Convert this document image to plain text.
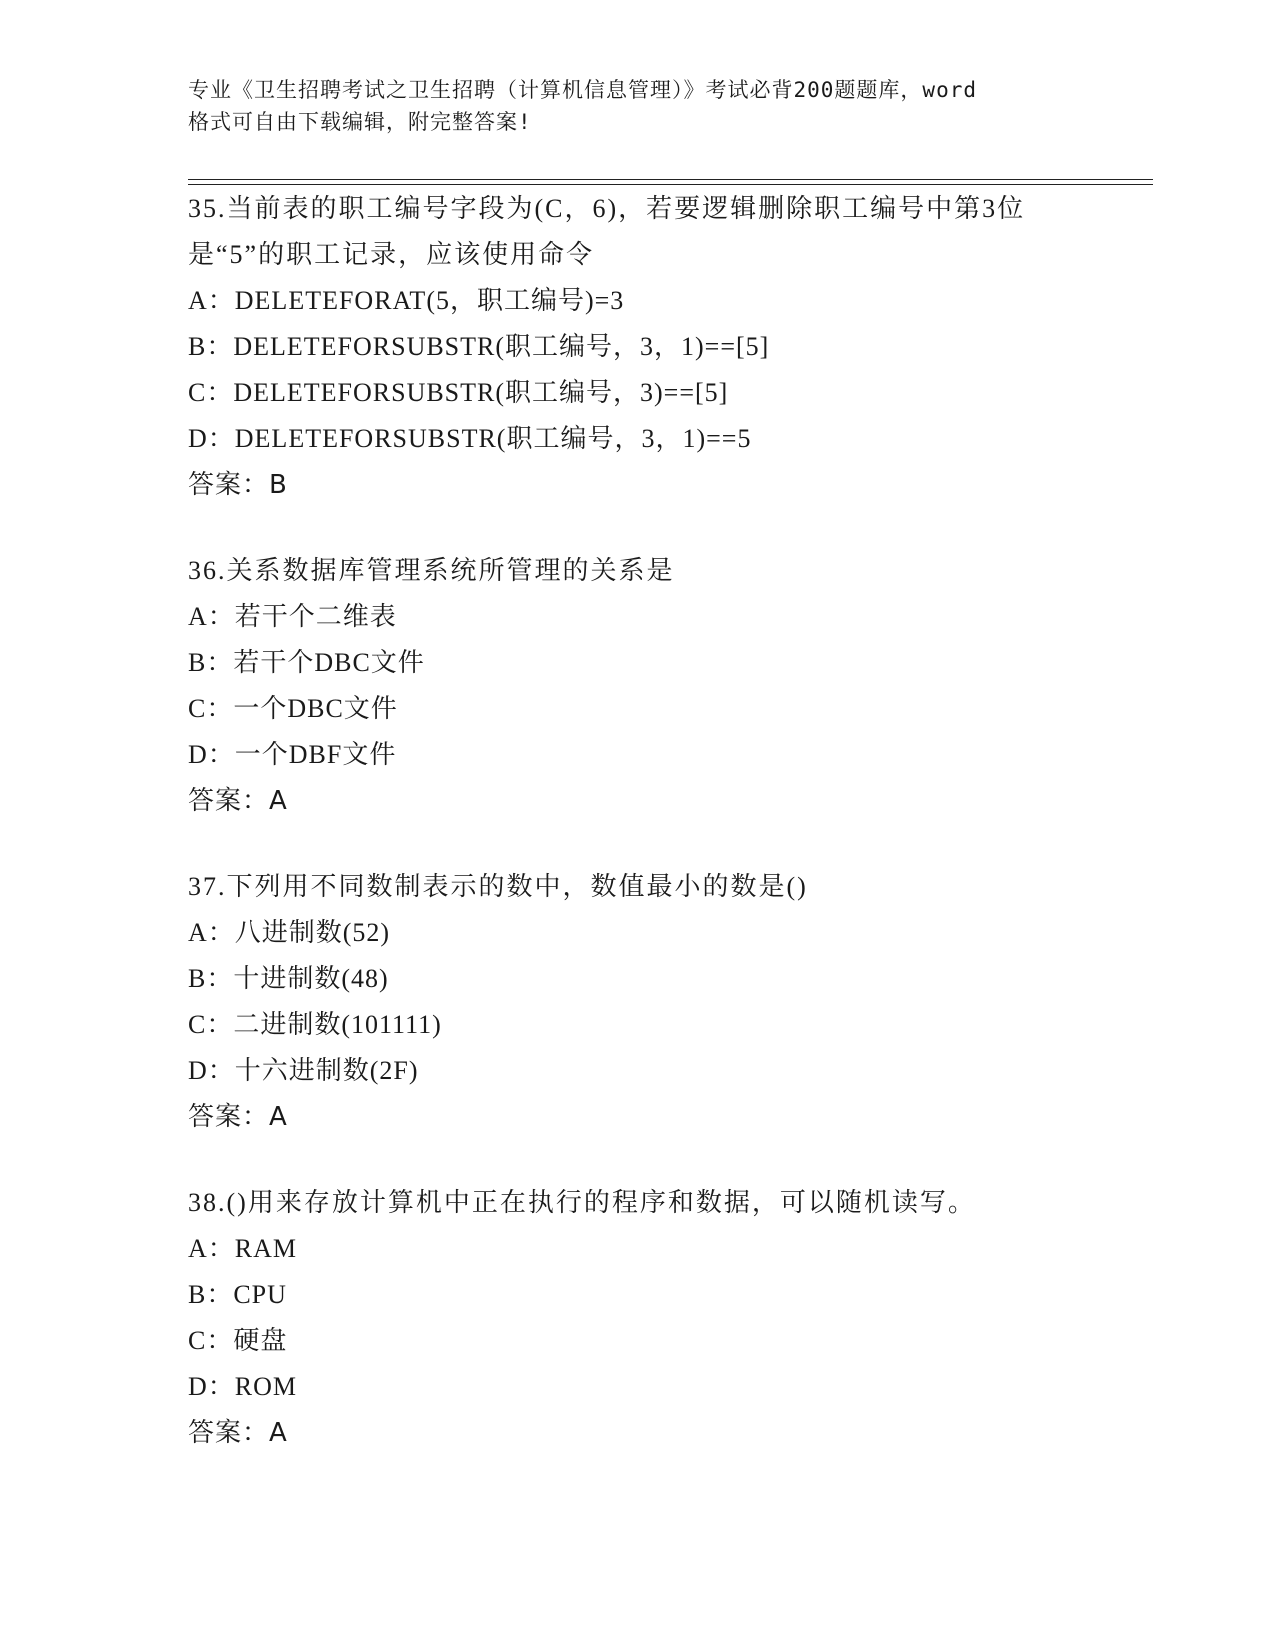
专业《卫生招聘考试之卫生招聘（计算机信息管理）》考试必背200题题库，word
格式可自由下载编辑，附完整答案!
35.当前表的职工编号字段为(C，6)，若要逻辑删除职工编号中第3位
是“5”的职工记录，应该使用命令
A：DELETEFORAT(5，职工编号)=3
B：DELETEFORSUBSTR(职工编号，3，1)==[5]
C：DELETEFORSUBSTR(职工编号，3)==[5]
D：DELETEFORSUBSTR(职工编号，3，1)==5
答案：B
36.关系数据库管理系统所管理的关系是
A：若干个二维表
B：若干个DBC文件
C：一个DBC文件
D：一个DBF文件
答案：A
37.下列用不同数制表示的数中，数值最小的数是()
A：八进制数(52)
B：十进制数(48)
C：二进制数(101111)
D：十六进制数(2F)
答案：A
38.()用来存放计算机中正在执行的程序和数据，可以随机读写。
A：RAM
B：CPU
C：硬盘
D：ROM
答案：A
